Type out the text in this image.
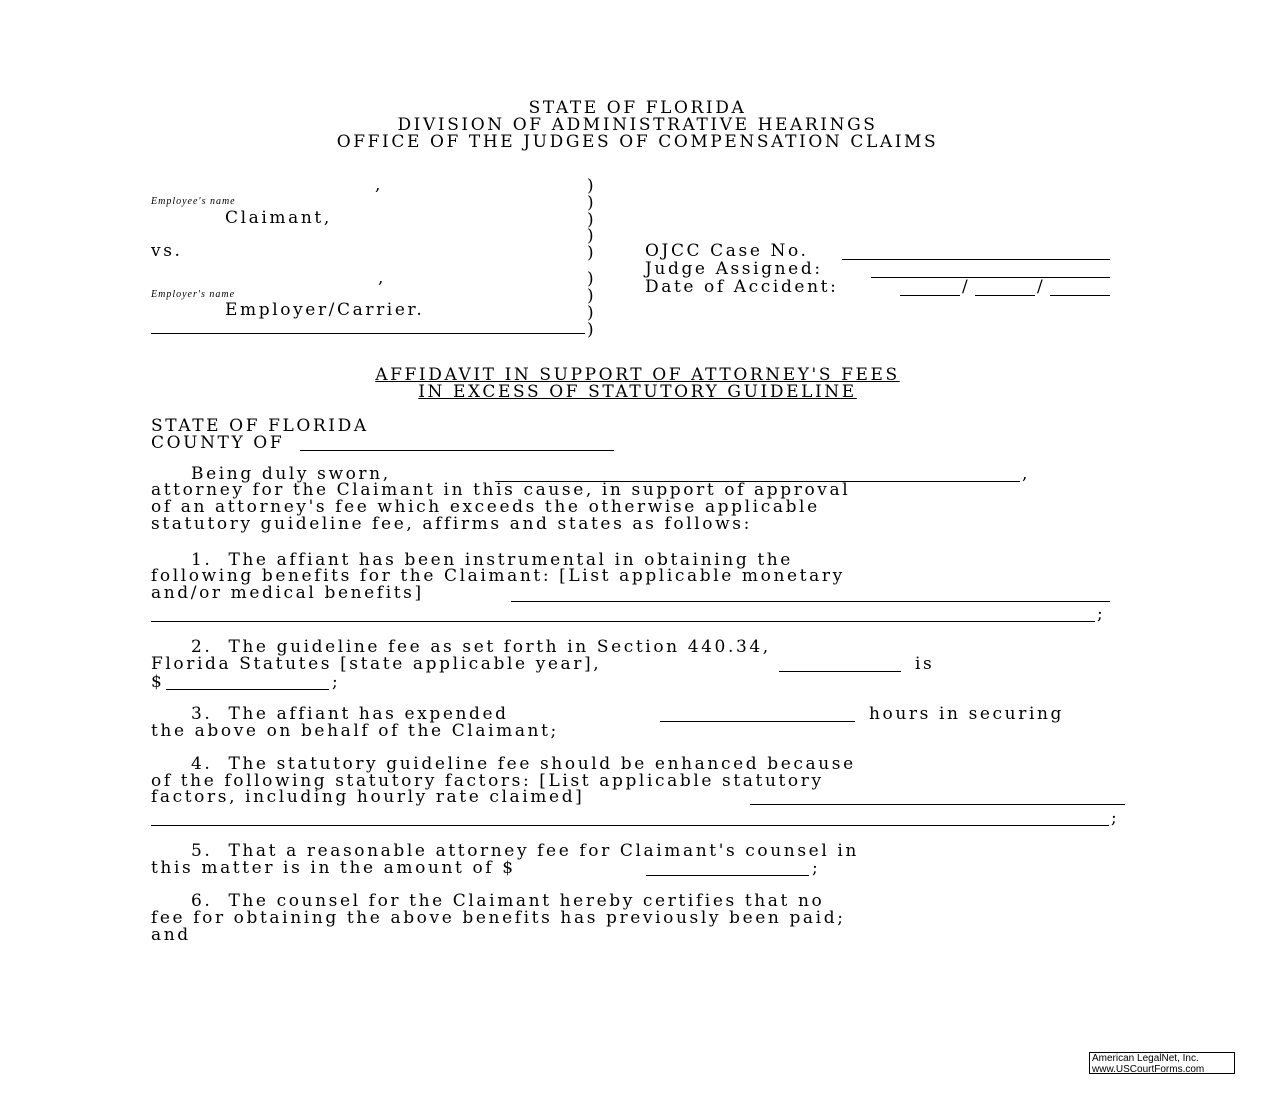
STATE OF FLORIDA
DIVISION OF ADMINISTRATIVE HEARINGS
OFFICE OF THE JUDGES OF COMPENSATION CLAIMS
,
Employee's name
Claimant,
vs.
,
Employer's name
Employer/Carrier.
)
)
)
)
)
)
)
)
)
OJCC Case No.
Judge Assigned:
Date of Accident:	/	/
AFFIDAVIT IN SUPPORT OF ATTORNEY'S FEES
IN EXCESS OF STATUTORY GUIDELINE
STATE OF FLORIDA
COUNTY OF
Being duly sworn,	,
attorney for the Claimant in this cause, in support of approval
of an attorney's fee which exceeds the otherwise applicable
statutory guideline fee, affirms and states as follows:
1.  The affiant has been instrumental in obtaining the
following benefits for the Claimant: [List applicable monetary
and/or medical benefits]
;
2.  The guideline fee as set forth in Section 440.34,
Florida Statutes [state applicable year],	is
$	;
3.  The affiant has expended	hours in securing
the above on behalf of the Claimant;
4.  The statutory guideline fee should be enhanced because
of the following statutory factors: [List applicable statutory
factors, including hourly rate claimed]
;
5.  That a reasonable attorney fee for Claimant's counsel in
this matter is in the amount of $	;
6.  The counsel for the Claimant hereby certifies that no
fee for obtaining the above benefits has previously been paid;
and
American LegalNet, Inc.
www.USCourtForms.com
